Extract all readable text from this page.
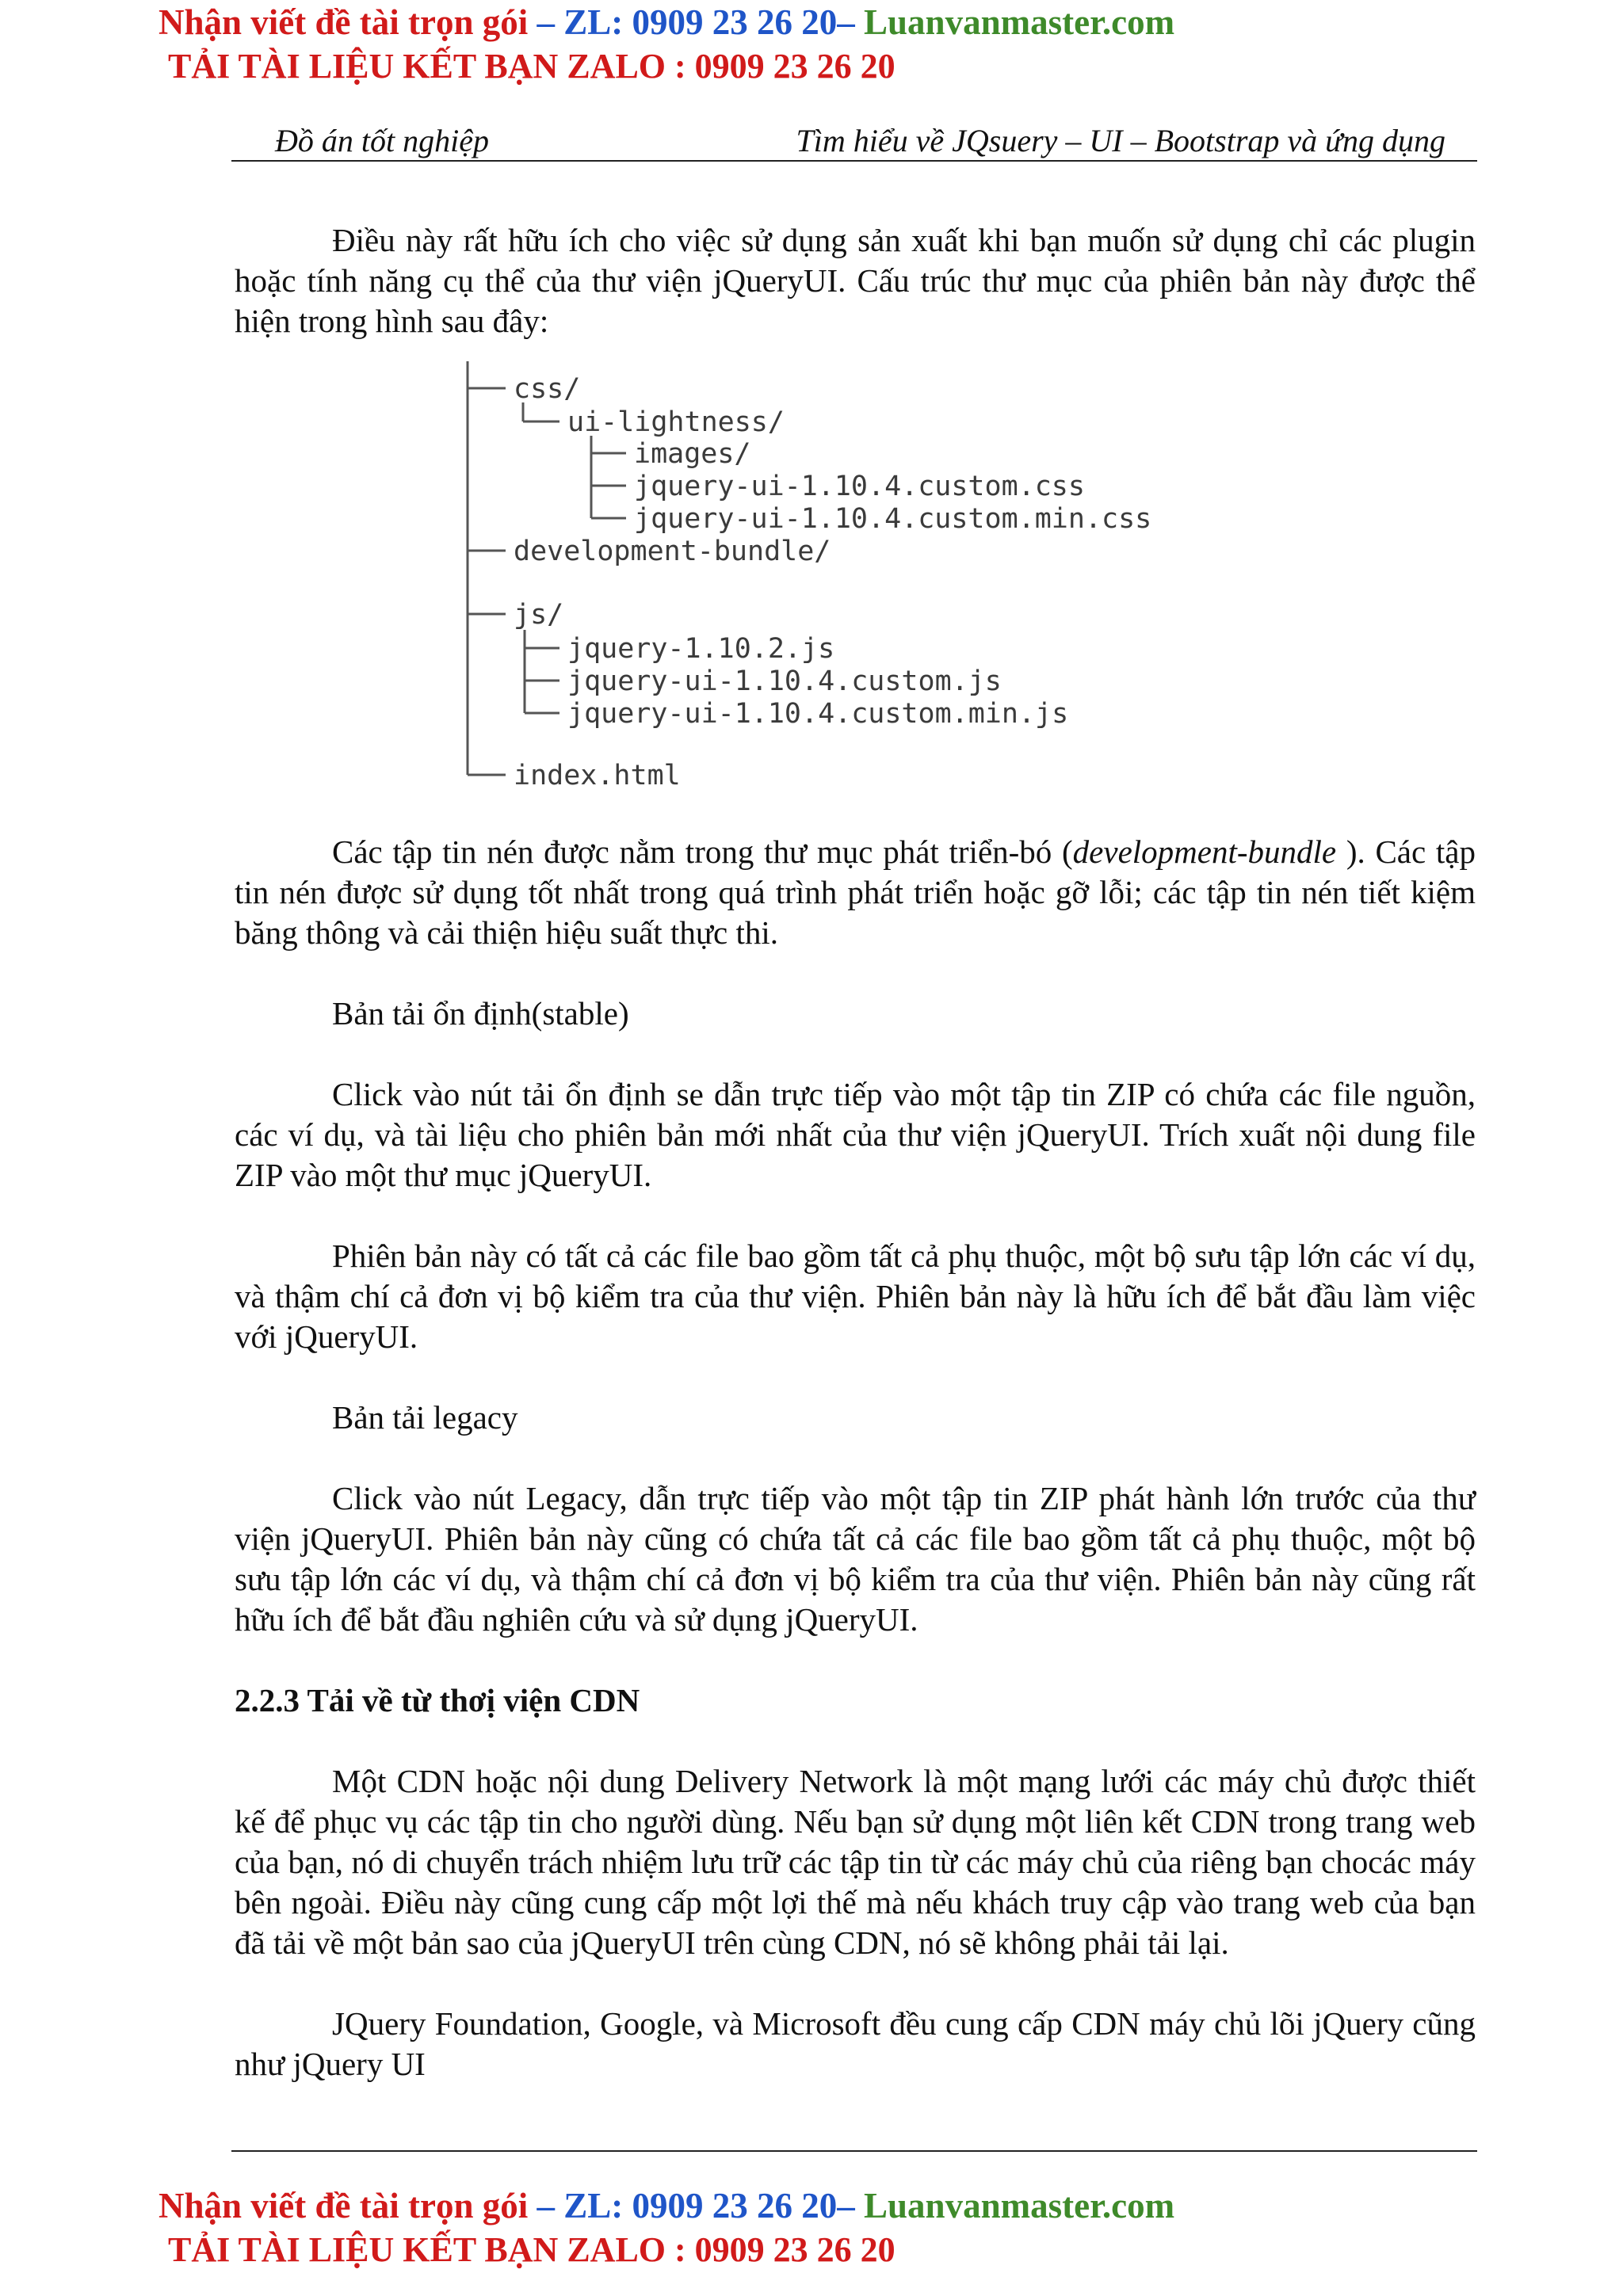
Nhận viết đề tài trọn gói – ZL: 0909 23 26 20– Luanvanmaster.com
TẢI TÀI LIỆU KẾT BẠN ZALO : 0909 23 26 20
Đồ án tốt nghiệp	Tìm hiểu về JQsuery – UI – Bootstrap và ứng dụng

Điều này rất hữu ích cho việc sử dụng sản xuất khi bạn muốn sử dụng chỉ các plugin hoặc tính năng cụ thể của thư viện jQueryUI. Cấu trúc thư mục của phiên bản này được thể hiện trong hình sau đây:

css/
ui-lightness/
images/
jquery-ui-1.10.4.custom.css
jquery-ui-1.10.4.custom.min.css
development-bundle/
js/
jquery-1.10.2.js
jquery-ui-1.10.4.custom.js
jquery-ui-1.10.4.custom.min.js
index.html

Các tập tin nén được nằm trong thư mục phát triển-bó (development-bundle ). Các tập tin nén được sử dụng tốt nhất trong quá trình phát triển hoặc gỡ lỗi; các tập tin nén tiết kiệm băng thông và cải thiện hiệu suất thực thi.

Bản tải ổn định(stable)

Click vào nút tải ổn định se dẫn trực tiếp vào một tập tin ZIP có chứa các file nguồn, các ví dụ, và tài liệu cho phiên bản mới nhất của thư viện jQueryUI. Trích xuất nội dung file ZIP vào một thư mục jQueryUI.

Phiên bản này có tất cả các file bao gồm tất cả phụ thuộc, một bộ sưu tập lớn các ví dụ, và thậm chí cả đơn vị bộ kiểm tra của thư viện. Phiên bản này là hữu ích để bắt đầu làm việc với jQueryUI.

Bản tải legacy

Click vào nút Legacy, dẫn trực tiếp vào một tập tin ZIP phát hành lớn trước của thư viện jQueryUI. Phiên bản này cũng có chứa tất cả các file bao gồm tất cả phụ thuộc, một bộ sưu tập lớn các ví dụ, và thậm chí cả đơn vị bộ kiểm tra của thư viện. Phiên bản này cũng rất hữu ích để bắt đầu nghiên cứu và sử dụng jQueryUI.

2.2.3 Tải về từ thơị viện CDN

Một CDN hoặc nội dung Delivery Network là một mạng lưới các máy chủ được thiết kế để phục vụ các tập tin cho người dùng. Nếu bạn sử dụng một liên kết CDN trong trang web của bạn, nó di chuyển trách nhiệm lưu trữ các tập tin từ các máy chủ của riêng bạn chocác máy bên ngoài. Điều này cũng cung cấp một lợi thế mà nếu khách truy cập vào trang web của bạn đã tải về một bản sao của jQueryUI trên cùng CDN, nó sẽ không phải tải lại.

JQuery Foundation, Google, và Microsoft đều cung cấp CDN máy chủ lõi jQuery cũng như jQuery UI

Nhận viết đề tài trọn gói – ZL: 0909 23 26 20– Luanvanmaster.com
TẢI TÀI LIỆU KẾT BẠN ZALO : 0909 23 26 20
